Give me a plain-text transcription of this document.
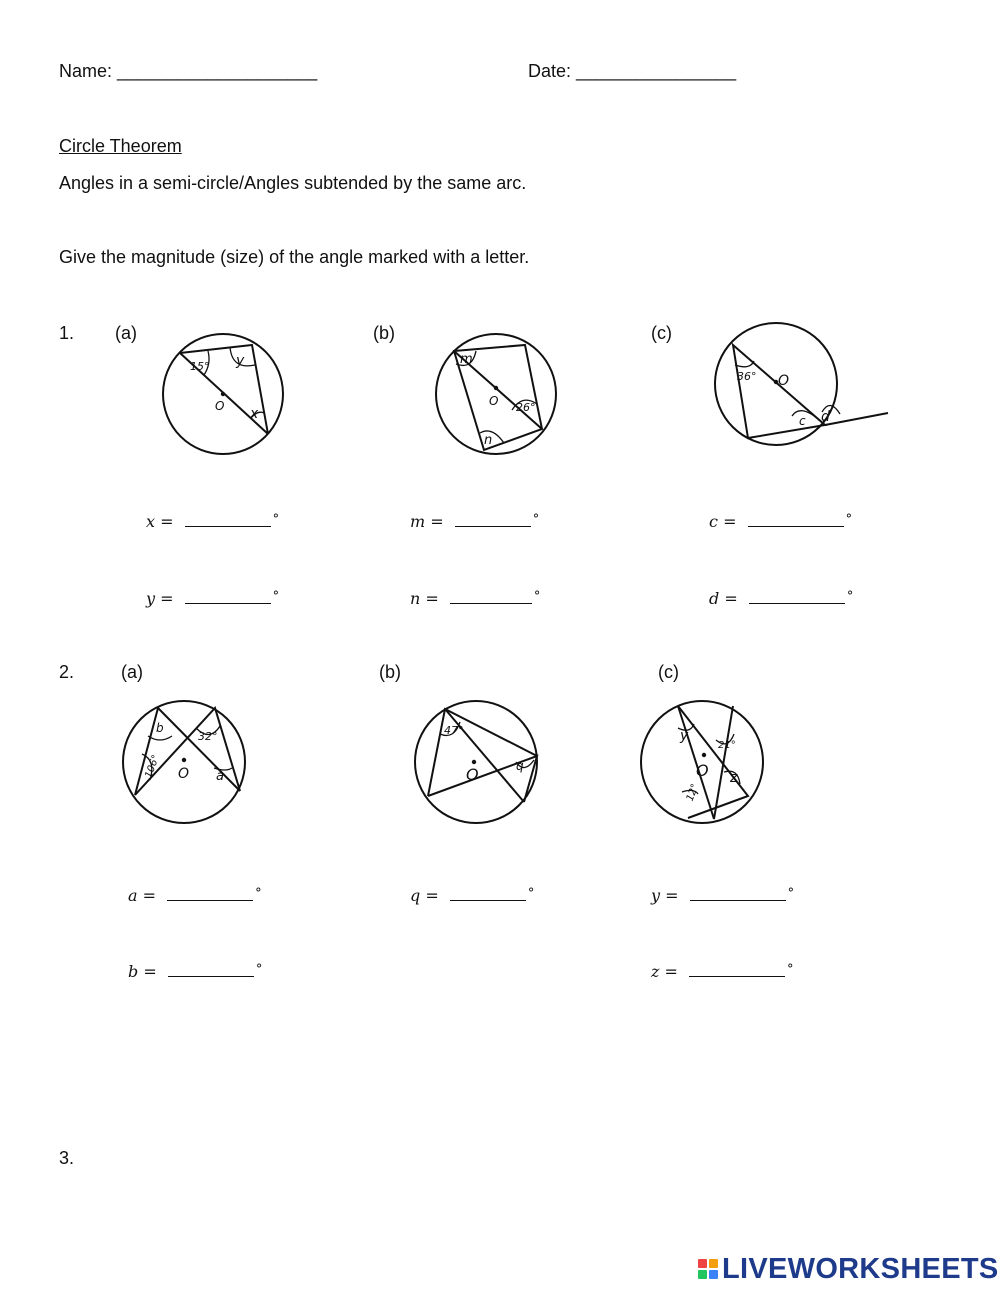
Name: ____________________	Date: ________________
Circle Theorem
Angles in a semi-circle/Angles subtended by the same arc.
Give the magnitude (size) of the angle marked with a letter.
1. (a)	(b)	(c)
15° y
x
O
m
26°
n
O
36°
c d
O
x =	°
y =	°
m =	°
n =	°
c =	°
d =	°
2.	(a)	(b)	(c)
b
32°
106°	a
O
47°
q
O
y
21°
z
12°
O
a =	°
b =	°
q =	°	y =	°
z =	°
3.
LIVEWORKSHEETS
